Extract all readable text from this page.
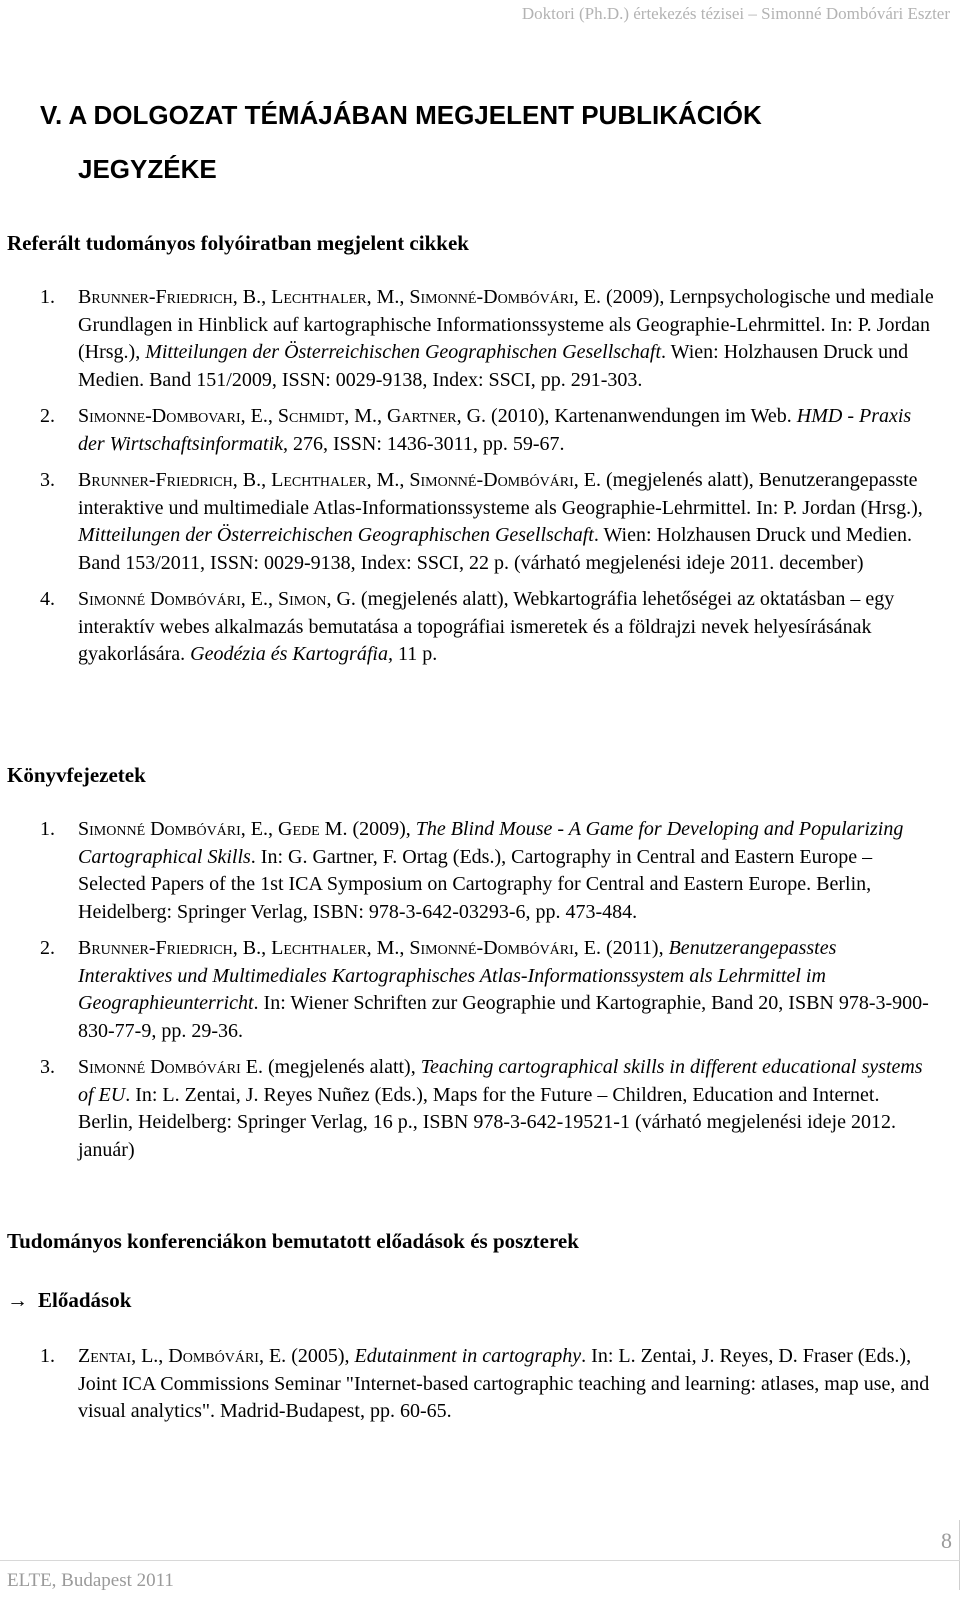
Doktori (Ph.D.) értekezés tézisei – Simonné Dombóvári Eszter
V. A DOLGOZAT TÉMÁJÁBAN MEGJELENT PUBLIKÁCIÓK
JEGYZÉKE
Referált tudományos folyóiratban megjelent cikkek
1. Brunner-Friedrich, B., Lechthaler, M., Simonné-Dombóvári, E. (2009), Lernpsychologische und mediale Grundlagen in Hinblick auf kartographische Informationssysteme als Geographie-Lehrmittel. In: P. Jordan (Hrsg.), Mitteilungen der Österreichischen Geographischen Gesellschaft. Wien: Holzhausen Druck und Medien. Band 151/2009, ISSN: 0029-9138, Index: SSCI, pp. 291-303.
2. Simonne-Dombovari, E., Schmidt, M., Gartner, G. (2010), Kartenanwendungen im Web. HMD - Praxis der Wirtschaftsinformatik, 276, ISSN: 1436-3011, pp. 59-67.
3. Brunner-Friedrich, B., Lechthaler, M., Simonné-Dombóvári, E. (megjelenés alatt), Benutzerangepasste interaktive und multimediale Atlas-Informationssysteme als Geographie-Lehrmittel. In: P. Jordan (Hrsg.), Mitteilungen der Österreichischen Geographischen Gesellschaft. Wien: Holzhausen Druck und Medien. Band 153/2011, ISSN: 0029-9138, Index: SSCI, 22 p. (várható megjelenési ideje 2011. december)
4. Simonné Dombóvári, E., Simon, G. (megjelenés alatt), Webkartográfia lehetőségei az oktatásban – egy interaktív webes alkalmazás bemutatása a topográfiai ismeretek és a földrajzi nevek helyesírásának gyakorlására. Geodézia és Kartográfia, 11 p.
Könyvfejezetek
1. Simonné Dombóvári, E., Gede M. (2009), The Blind Mouse - A Game for Developing and Popularizing Cartographical Skills. In: G. Gartner, F. Ortag (Eds.), Cartography in Central and Eastern Europe – Selected Papers of the 1st ICA Symposium on Cartography for Central and Eastern Europe. Berlin, Heidelberg: Springer Verlag, ISBN: 978-3-642-03293-6, pp. 473-484.
2. Brunner-Friedrich, B., Lechthaler, M., Simonné-Dombóvári, E. (2011), Benutzerangepasstes Interaktives und Multimediales Kartographisches Atlas-Informationssystem als Lehrmittel im Geographieunterricht. In: Wiener Schriften zur Geographie und Kartographie, Band 20, ISBN 978-3-900-830-77-9, pp. 29-36.
3. Simonné Dombóvári E. (megjelenés alatt), Teaching cartographical skills in different educational systems of EU. In: L. Zentai, J. Reyes Nuñez (Eds.), Maps for the Future – Children, Education and Internet. Berlin, Heidelberg: Springer Verlag, 16 p., ISBN 978-3-642-19521-1 (várható megjelenési ideje 2012. január)
Tudományos konferenciákon bemutatott előadások és poszterek
→ Előadások
1. Zentai, L., Dombóvári, E. (2005), Edutainment in cartography. In: L. Zentai, J. Reyes, D. Fraser (Eds.), Joint ICA Commissions Seminar "Internet-based cartographic teaching and learning: atlases, map use, and visual analytics". Madrid-Budapest, pp. 60-65.
8
ELTE, Budapest 2011
